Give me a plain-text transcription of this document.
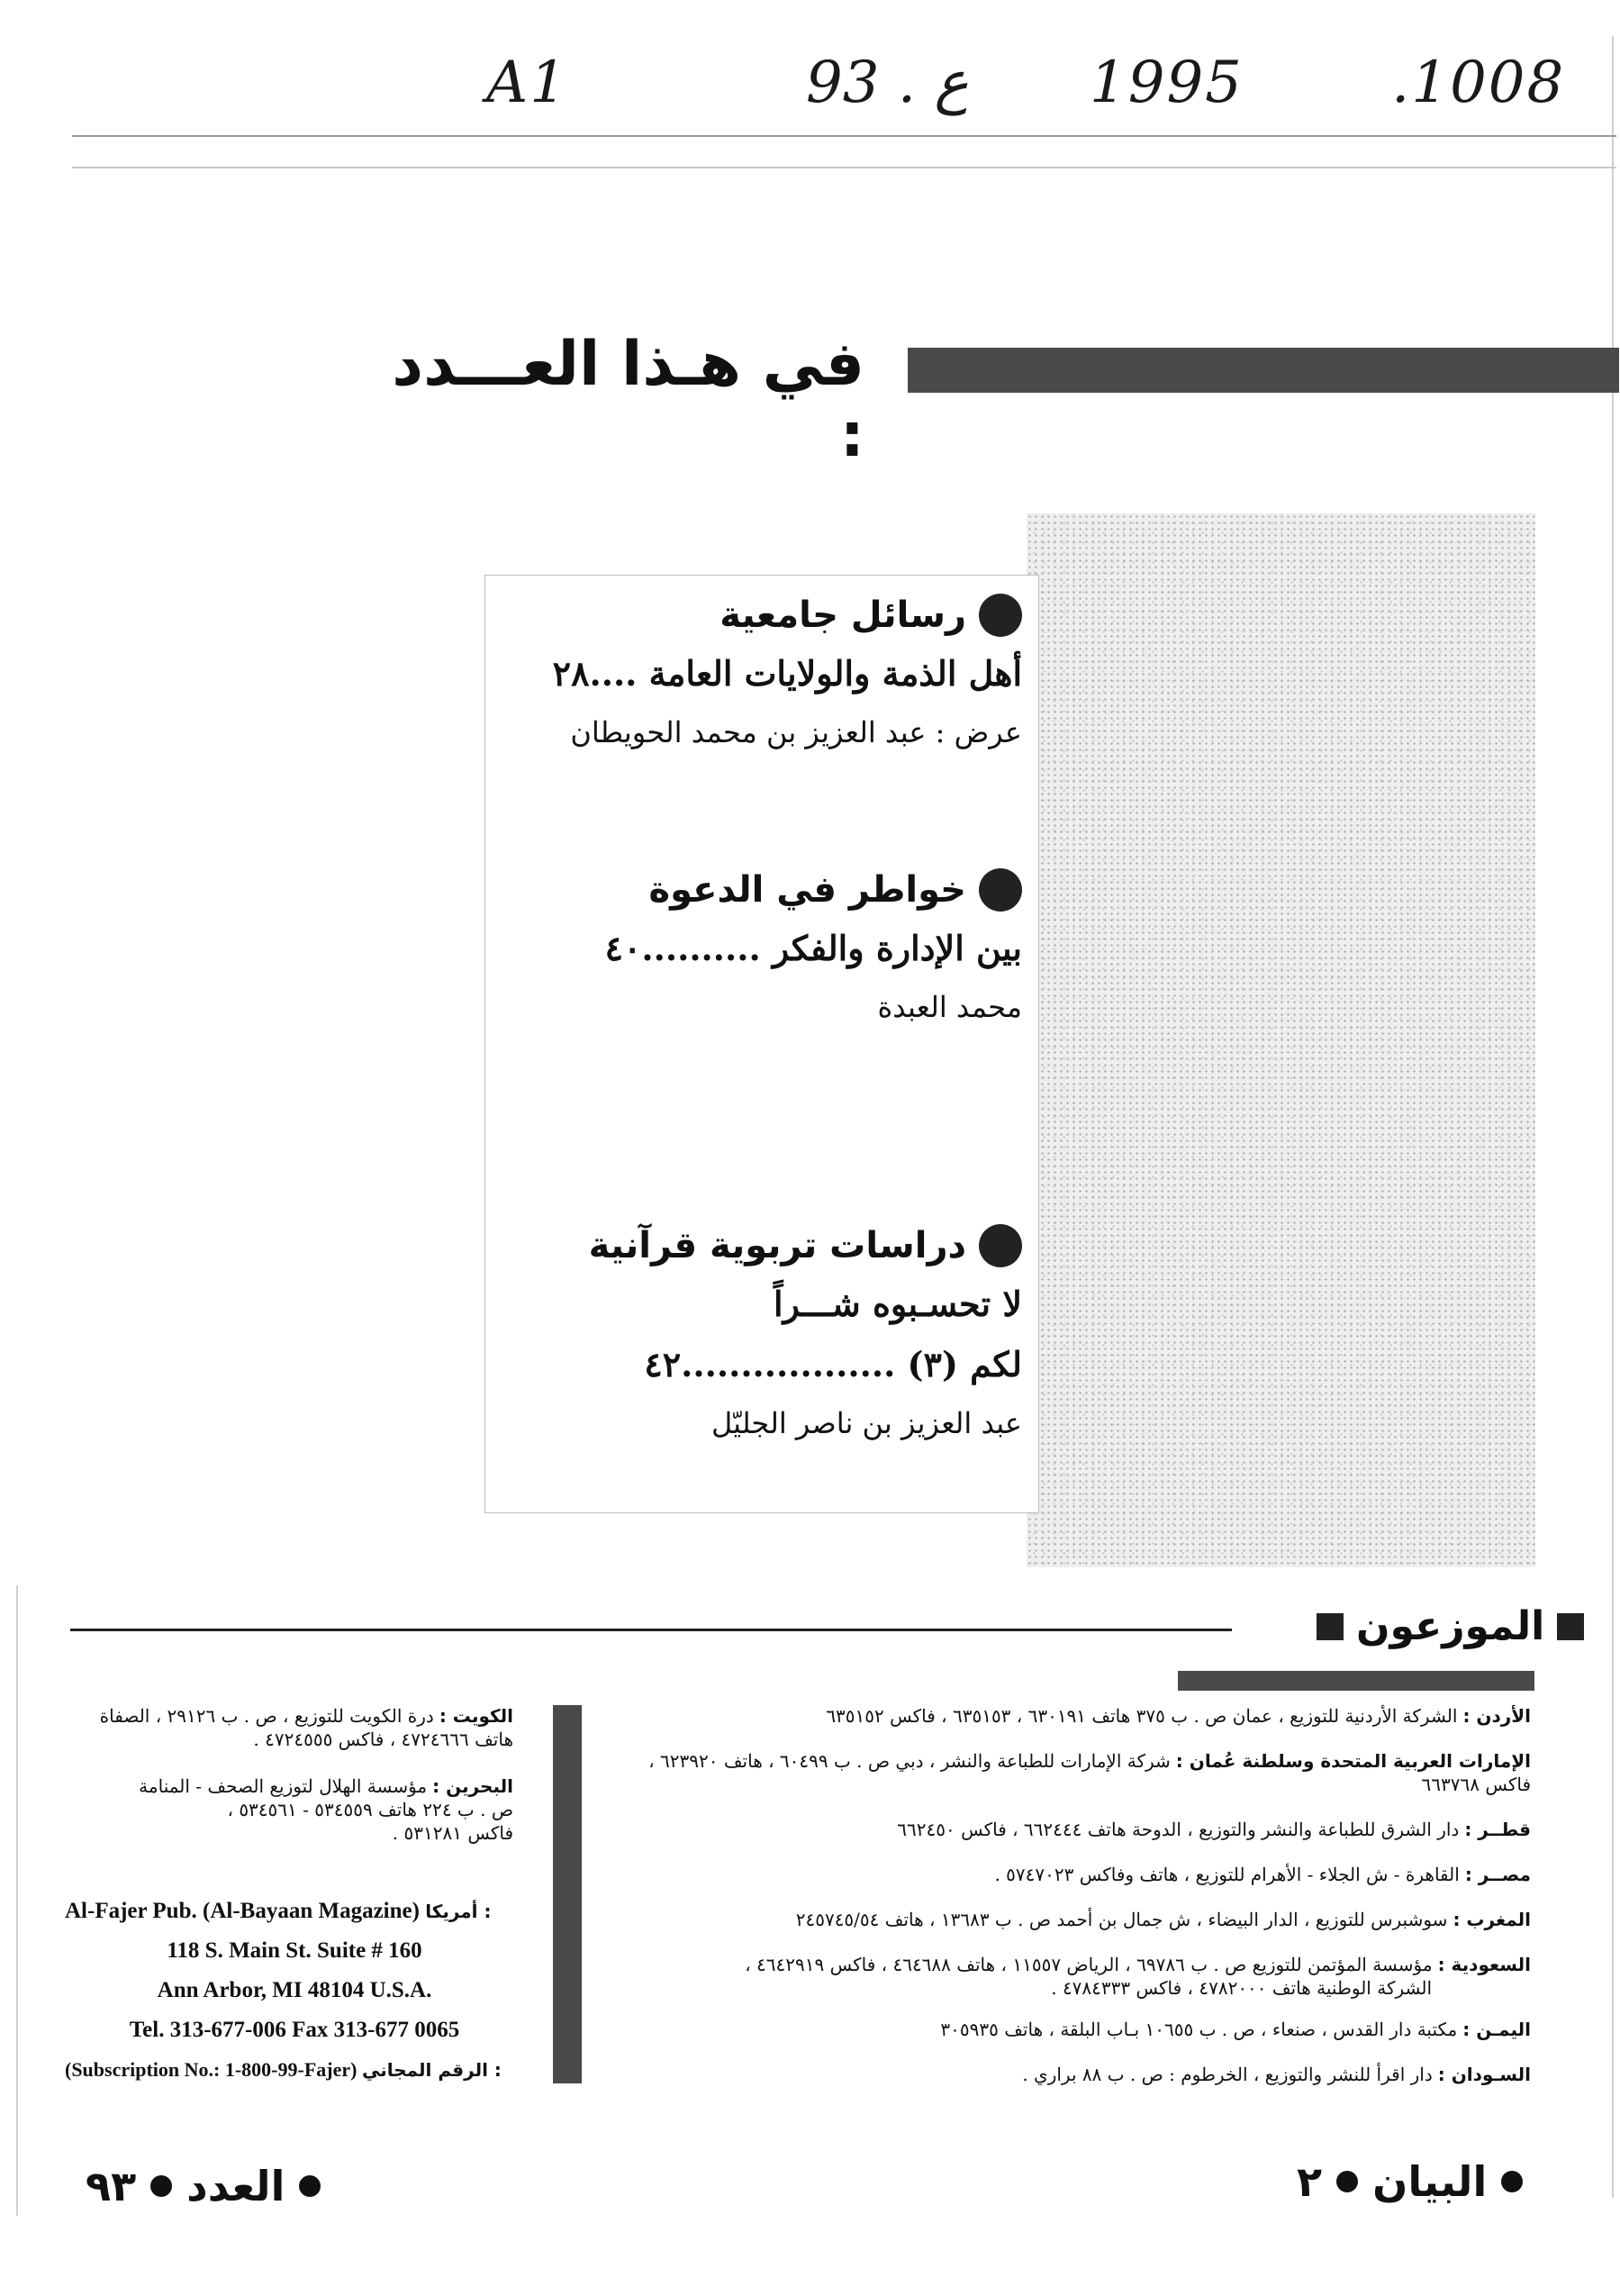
A1	93 . ع 1995	.1008
في هـذا العـــدد :
رسائل جامعية
أهل الذمة والولايات العامة ....٢٨
عرض : عبد العزيز بن محمد الحويطان
خواطر في الدعوة
بين الإدارة والفكر ..........٤٠
محمد العبدة
دراسات تربوية قرآنية
لا تحسـبوه شـــراً
لكم (٣) ..................٤٢
عبد العزيز بن ناصر الجليّل
الموزعون
الأردن :الشركة الأردنية للتوزيع ، عمان ص . ب ٣٧٥ هاتف ٦٣٠١٩١ ، ٦٣٥١٥٣ ، فاكس ٦٣٥١٥٢
الإمارات العربية المتحدة وسلطنة عُمان :شركة الإمارات للطباعة والنشر ، دبي ص . ب ٦٠٤٩٩ ، هاتف ٦٢٣٩٢٠ ، فاكس ٦٦٣٧٦٨
قطــر :دار الشرق للطباعة والنشر والتوزيع ، الدوحة هاتف ٦٦٢٤٤٤ ، فاكس ٦٦٢٤٥٠
مصــر :القاهرة - ش الجلاء - الأهرام للتوزيع ، هاتف وفاكس ٥٧٤٧٠٢٣ .
المغرب :سوشبرس للتوزيع ، الدار البيضاء ، ش جمال بن أحمد ص . ب ١٣٦٨٣ ، هاتف ٢٤٥٧٤٥/٥٤
السعودية :مؤسسة المؤتمن للتوزيع ص . ب ٦٩٧٨٦ ، الرياض ١١٥٥٧ ، هاتف ٤٦٤٦٨٨ ، فاكس ٤٦٤٢٩١٩ ،
الشركة الوطنية هاتف ٤٧٨٢٠٠٠ ، فاكس ٤٧٨٤٣٣٣ .
اليمـن :مكتبة دار القدس ، صنعاء ، ص . ب ١٠٦٥٥ بـاب البلقة ، هاتف ٣٠٥٩٣٥
السـودان :دار اقرأ للنشر والتوزيع ، الخرطوم : ص . ب ٨٨ براري .
الكويت :درة الكويت للتوزيع ، ص . ب ٢٩١٢٦ ، الصفاة
هاتف ٤٧٢٤٦٦٦ ، فاكس ٤٧٢٤٥٥٥ .
البحرين :مؤسسة الهلال لتوزيع الصحف - المنامة
ص . ب ٢٢٤ هاتف ٥٣٤٥٥٩ - ٥٣٤٥٦١ ،
فاكس ٥٣١٢٨١ .
Al-Fajer Pub. (Al-Bayaan Magazine) أمريكا :
118 S. Main St. Suite # 160
Ann Arbor, MI 48104 U.S.A.
Tel. 313-677-006 Fax 313-677 0065
(Subscription No.: 1-800-99-Fajer) الرقم المجاني :
البيان
٢
العدد
٩٣
